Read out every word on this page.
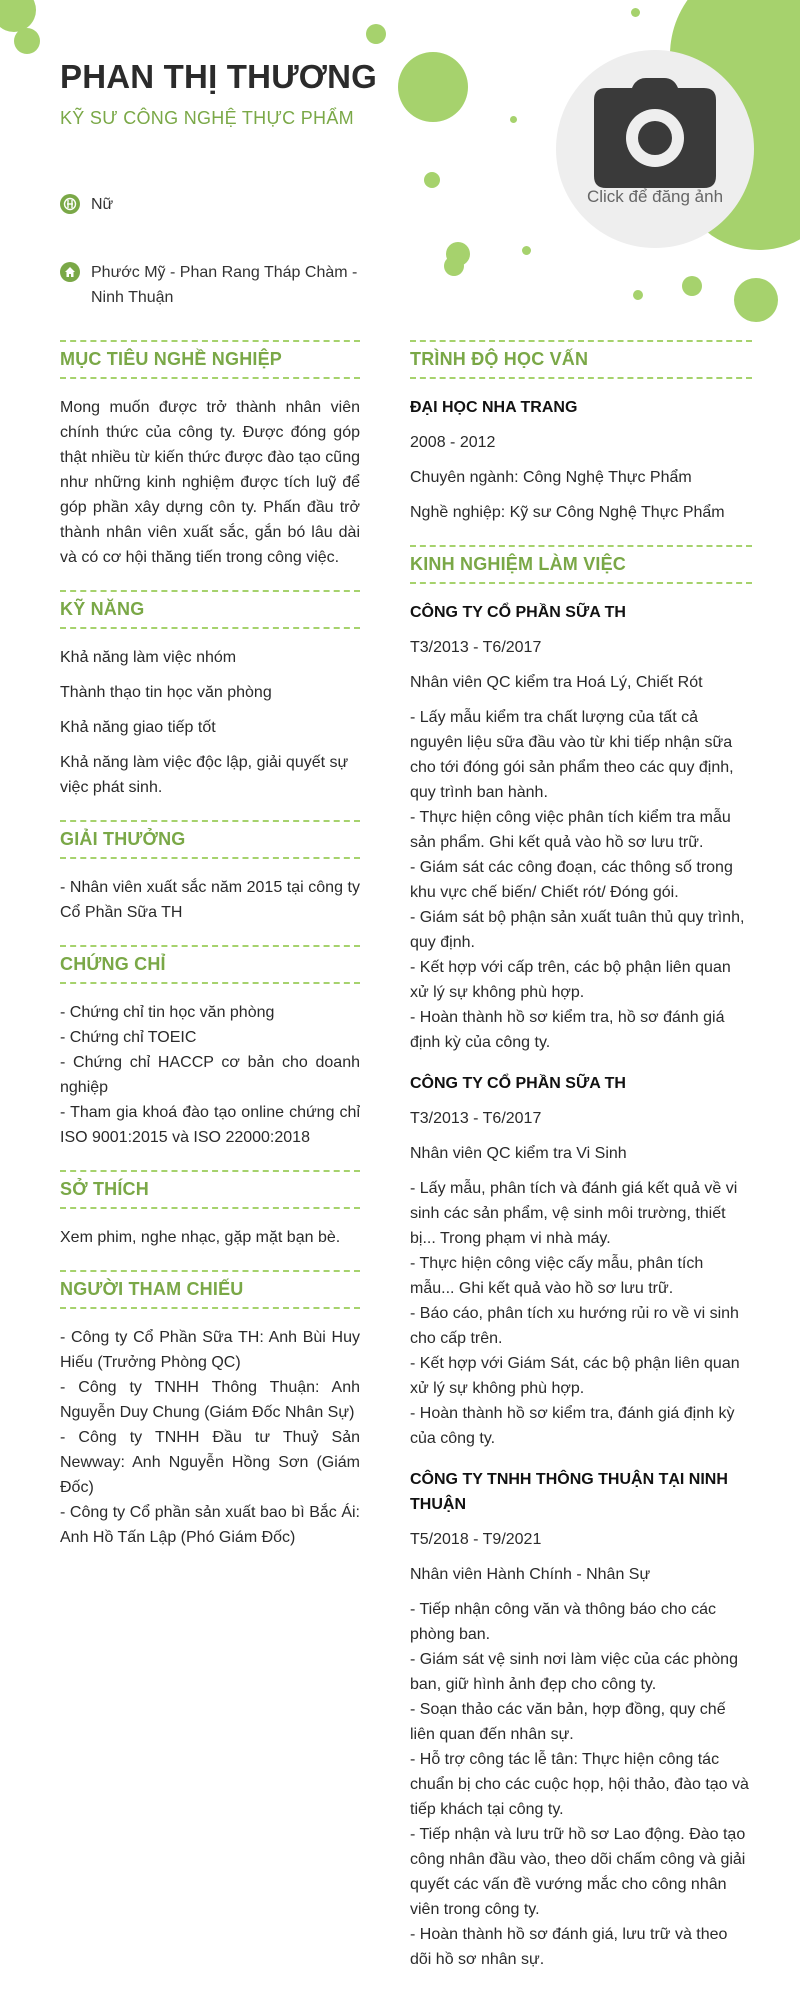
PHAN THỊ THƯƠNG
KỸ SƯ CÔNG NGHỆ THỰC PHẨM
Nữ
Phước Mỹ - Phan Rang Tháp Chàm - Ninh Thuận
Click để đăng ảnh
MỤC TIÊU NGHỀ NGHIỆP

Mong muốn được trở thành nhân viên chính thức của công ty. Được đóng góp thật nhiều từ kiến thức được đào tạo cũng như những kinh nghiệm được tích luỹ để góp phần xây dựng côn ty. Phấn đầu trở thành nhân viên xuất sắc, gắn bó lâu dài và có cơ hội thăng tiến trong công việc.

KỸ NĂNG

Khả năng làm việc nhóm

Thành thạo tin học văn phòng

Khả năng giao tiếp tốt

Khả năng làm việc độc lập, giải quyết sự việc phát sinh.

GIẢI THƯỞNG

- Nhân viên xuất sắc năm 2015 tại công ty Cổ Phần Sữa TH

CHỨNG CHỈ
- Chứng chỉ tin học văn phòng
- Chứng chỉ TOEIC
- Chứng chỉ HACCP cơ bản cho doanh nghiệp
- Tham gia khoá đào tạo online chứng chỉ ISO 9001:2015 và ISO 22000:2018
SỞ THÍCH

Xem phim, nghe nhạc, gặp mặt bạn bè.

NGƯỜI THAM CHIẾU
- Công ty Cổ Phần Sữa TH: Anh Bùi Huy Hiếu (Trưởng Phòng QC)
- Công ty TNHH Thông Thuận: Anh Nguyễn Duy Chung (Giám Đốc Nhân Sự)
- Công ty TNHH Đầu tư Thuỷ Sản Newway: Anh Nguyễn Hồng Sơn (Giám Đốc)
- Công ty Cổ phần sản xuất bao bì Bắc Ái: Anh Hồ Tấn Lập (Phó Giám Đốc)
TRÌNH ĐỘ HỌC VẤN

ĐẠI HỌC NHA TRANG

2008 - 2012

Chuyên ngành: Công Nghệ Thực Phẩm

Nghề nghiệp: Kỹ sư Công Nghệ Thực Phẩm

KINH NGHIỆM LÀM VIỆC

CÔNG TY CỔ PHẦN SỮA TH

T3/2013 - T6/2017

Nhân viên QC kiểm tra Hoá Lý, Chiết Rót

- Lấy mẫu kiểm tra chất lượng của tất cả nguyên liệu sữa đầu vào từ khi tiếp nhận sữa cho tới đóng gói sản phẩm theo các quy định, quy trình ban hành.
- Thực hiện công việc phân tích kiểm tra mẫu sản phẩm. Ghi kết quả vào hồ sơ lưu trữ.
- Giám sát các công đoạn, các thông số trong khu vực chế biến/ Chiết rót/ Đóng gói.
- Giám sát bộ phận sản xuất tuân thủ quy trình, quy định.
- Kết hợp với cấp trên, các bộ phận liên quan xử lý sự không phù hợp.
- Hoàn thành hồ sơ kiểm tra, hồ sơ đánh giá định kỳ của công ty.

CÔNG TY CỔ PHẦN SỮA TH

T3/2013 - T6/2017

Nhân viên QC kiểm tra Vi Sinh

- Lấy mẫu, phân tích và đánh giá kết quả về vi sinh các sản phẩm, vệ sinh môi trường, thiết bị... Trong phạm vi nhà máy.
- Thực hiện công việc cấy mẫu, phân tích mẫu... Ghi kết quả vào hồ sơ lưu trữ.
- Báo cáo, phân tích xu hướng rủi ro về vi sinh cho cấp trên.
- Kết hợp với Giám Sát, các bộ phận liên quan xử lý sự không phù hợp.
- Hoàn thành hồ sơ kiểm tra, đánh giá định kỳ của công ty.

CÔNG TY TNHH THÔNG THUẬN TẠI NINH THUẬN

T5/2018 - T9/2021

Nhân viên Hành Chính - Nhân Sự

- Tiếp nhận công văn và thông báo cho các phòng ban.
- Giám sát vệ sinh nơi làm việc của các phòng ban, giữ hình ảnh đẹp cho công ty.
- Soạn thảo các văn bản, hợp đồng, quy chế liên quan đến nhân sự.
- Hỗ trợ công tác lễ tân: Thực hiện công tác chuẩn bị cho các cuộc họp, hội thảo, đào tạo và tiếp khách tại công ty.
- Tiếp nhận và lưu trữ hồ sơ Lao động. Đào tạo công nhân đầu vào, theo dõi chấm công và giải quyết các vấn đề vướng mắc cho công nhân viên trong công ty.
- Hoàn thành hồ sơ đánh giá, lưu trữ và theo dõi hồ sơ nhân sự.
